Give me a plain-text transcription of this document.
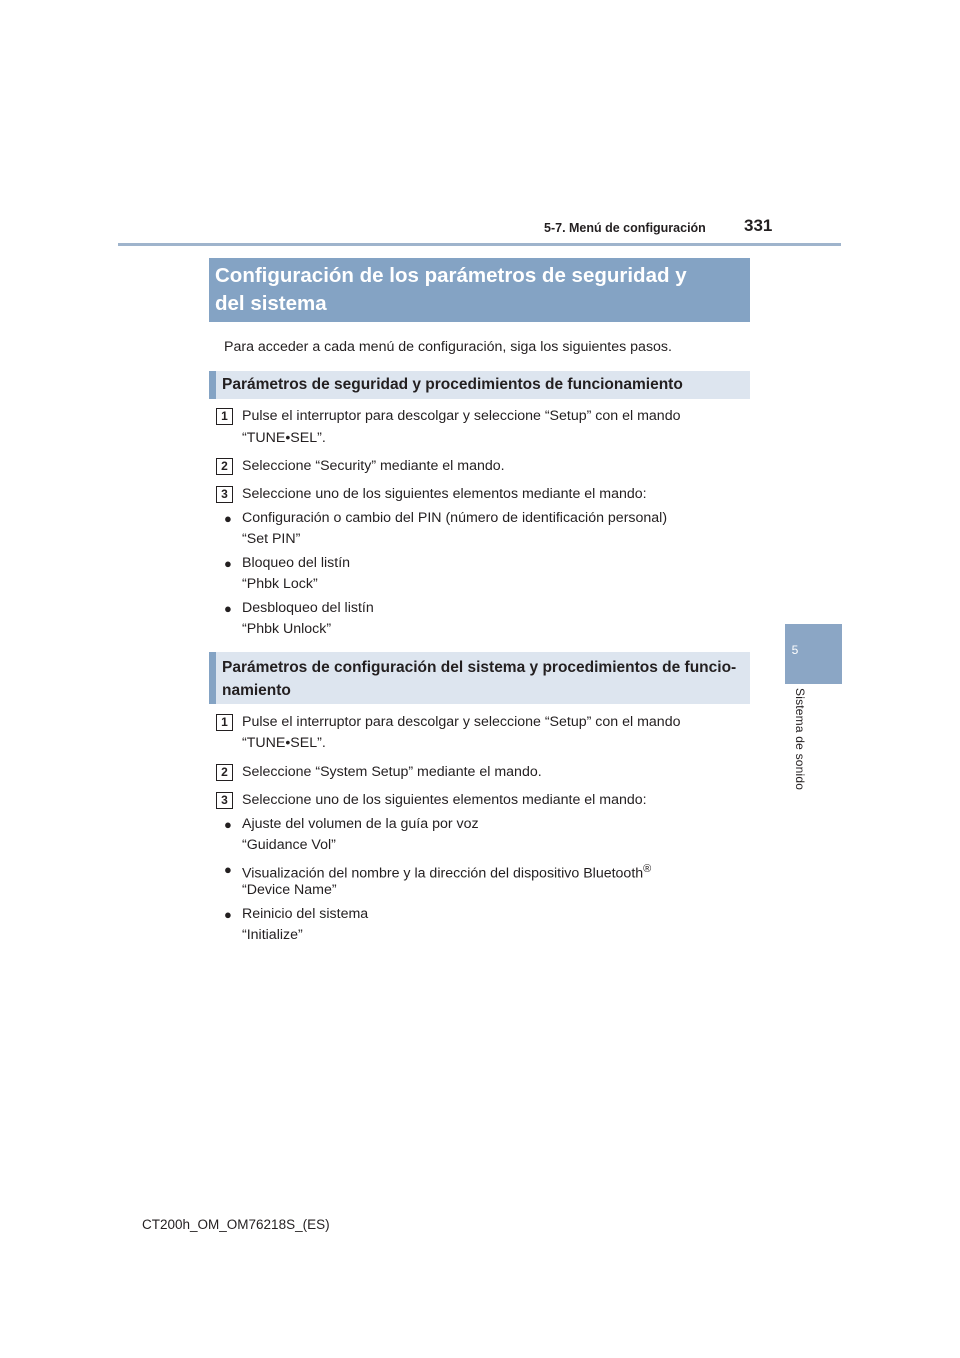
5-7. Menú de configuración 331
5
Sistema de sonido
Configuración de los parámetros de seguridad y
del sistema
Para acceder a cada menú de configuración, siga los siguientes pasos.
Parámetros de seguridad y procedimientos de funcionamiento
1 Pulse el interruptor para descolgar y seleccione “Setup” con el mando
“TUNE•SEL”.
2 Seleccione “Security” mediante el mando.
3 Seleccione uno de los siguientes elementos mediante el mando:
● Configuración o cambio del PIN (número de identificación personal)
“Set PIN”
● Bloqueo del listín
“Phbk Lock”
● Desbloqueo del listín
“Phbk Unlock”
Parámetros de configuración del sistema y procedimientos de funcio-
namiento
1 Pulse el interruptor para descolgar y seleccione “Setup” con el mando
“TUNE•SEL”.
2 Seleccione “System Setup” mediante el mando.
3 Seleccione uno de los siguientes elementos mediante el mando:
● Ajuste del volumen de la guía por voz
“Guidance Vol”
● Visualización del nombre y la dirección del dispositivo Bluetooth®
“Device Name”
● Reinicio del sistema
“Initialize”
CT200h_OM_OM76218S_(ES)
